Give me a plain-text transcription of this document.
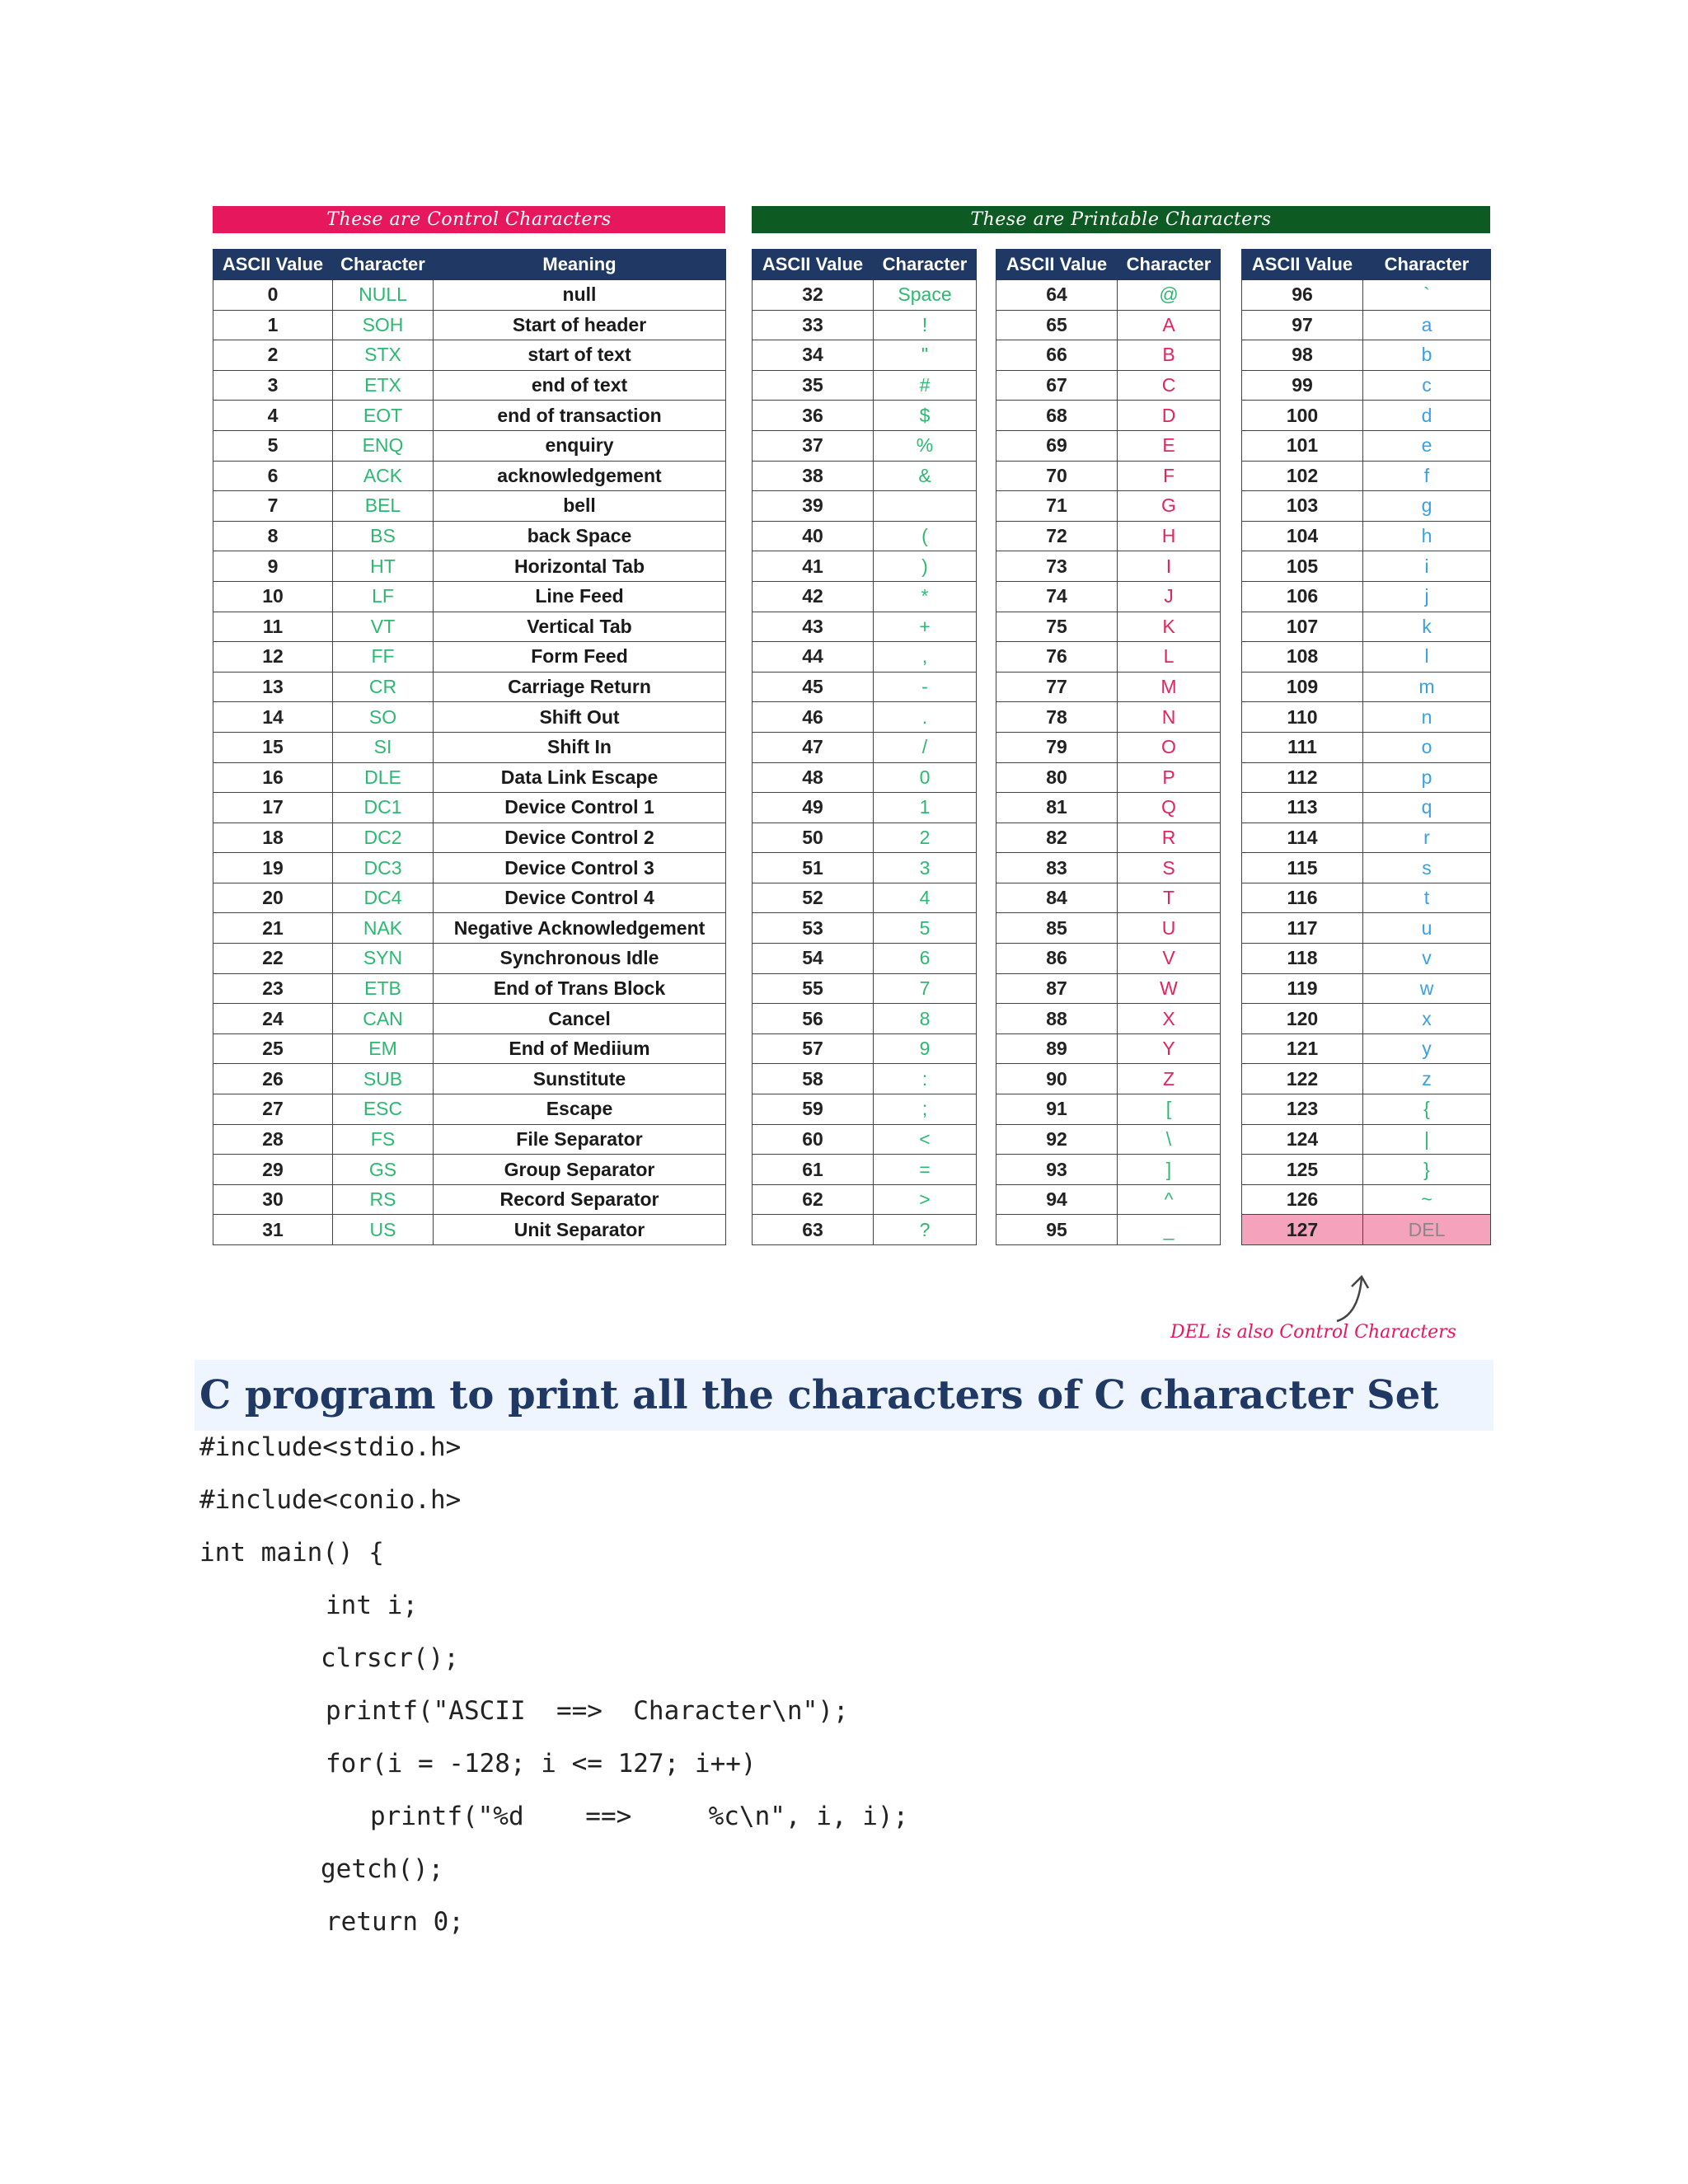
These are Control Characters	These are Printable Characters
ASCII Value	Character	Meaning
0	NULL	null
1	SOH	Start of header
2	STX	start of text
3	ETX	end of text
4	EOT	end of transaction
5	ENQ	enquiry
6	ACK	acknowledgement
7	BEL	bell
8	BS	back Space
9	HT	Horizontal Tab
10	LF	Line Feed
11	VT	Vertical Tab
12	FF	Form Feed
13	CR	Carriage Return
14	SO	Shift Out
15	SI	Shift In
16	DLE	Data Link Escape
17	DC1	Device Control 1
18	DC2	Device Control 2
19	DC3	Device Control 3
20	DC4	Device Control 4
21	NAK	Negative Acknowledgement
22	SYN	Synchronous Idle
23	ETB	End of Trans Block
24	CAN	Cancel
25	EM	End of Mediium
26	SUB	Sunstitute
27	ESC	Escape
28	FS	File Separator
29	GS	Group Separator
30	RS	Record Separator
31	US	Unit Separator
ASCII Value	Character
32	Space
33	!
34	"
35	#
36	$
37	%
38	&
39	
40	(
41	)
42	*
43	+
44	,
45	-
46	.
47	/
48	0
49	1
50	2
51	3
52	4
53	5
54	6
55	7
56	8
57	9
58	:
59	;
60	<
61	=
62	>
63	?
ASCII Value	Character
64	@
65	A
66	B
67	C
68	D
69	E
70	F
71	G
72	H
73	I
74	J
75	K
76	L
77	M
78	N
79	O
80	P
81	Q
82	R
83	S
84	T
85	U
86	V
87	W
88	X
89	Y
90	Z
91	[
92	\
93	]
94	^
95	_
ASCII Value	Character
96	`
97	a
98	b
99	c
100	d
101	e
102	f
103	g
104	h
105	i
106	j
107	k
108	l
109	m
110	n
111	o
112	p
113	q
114	r
115	s
116	t
117	u
118	v
119	w
120	x
121	y
122	z
123	{
124	|
125	}
126	~
127	DEL
DEL is also Control Characters
C program to print all the characters of C character Set
#include<stdio.h>
#include<conio.h>
int main() {
int i;
clrscr();
printf("ASCII  ==>  Character\n");
for(i = -128; i <= 127; i++)
printf("%d    ==>     %c\n", i, i);
getch();
return 0;
